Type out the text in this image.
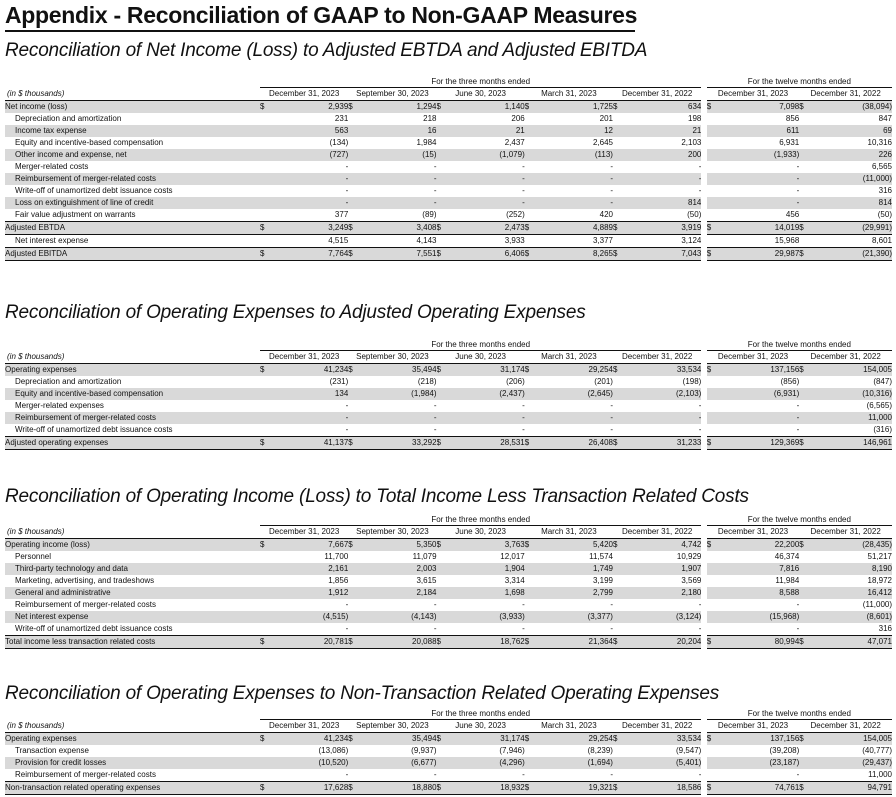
Appendix - Reconciliation of GAAP to Non-GAAP Measures
Reconciliation of Net Income (Loss) to Adjusted EBTDA and Adjusted EBITDA
	For the three months ended											For the twelve months ended			
(in $ thousands)	December 31, 2023		September 30, 2023		June 30, 2023		March 31, 2023		December 31, 2022			December 31, 2023		December 31, 2022	
Net income (loss)	$	2,939	$	1,294	$	1,140	$	1,725	$	634		$	7,098	$	(38,094)
Depreciation and amortization		231		218		206		201		198			856		847
Income tax expense		563		16		21		12		21			611		69
Equity and incentive-based compensation		(134)		1,984		2,437		2,645		2,103			6,931		10,316
Other income and expense, net		(727)		(15)		(1,079)		(113)		200			(1,933)		226
Merger-related costs		-		-		-		-		-			-		6,565
Reimbursement of merger-related costs		-		-		-		-		-			-		(11,000)
Write-off of unamortized debt issuance costs		-		-		-		-		-			-		316
Loss on extinguishment of line of credit		-		-		-		-		814			-		814
Fair value adjustment on warrants		377		(89)		(252)		420		(50)			456		(50)
Adjusted EBTDA	$	3,249	$	3,408	$	2,473	$	4,889	$	3,919		$	14,019	$	(29,991)
Net interest expense		4,515		4,143		3,933		3,377		3,124			15,968		8,601
Adjusted EBITDA	$	7,764	$	7,551	$	6,406	$	8,265	$	7,043		$	29,987	$	(21,390)
Reconciliation of Operating Expenses to Adjusted Operating Expenses
	For the three months ended											For the twelve months ended			
(in $ thousands)	December 31, 2023		September 30, 2023		June 30, 2023		March 31, 2023		December 31, 2022			December 31, 2023		December 31, 2022	
Operating expenses	$	41,234	$	35,494	$	31,174	$	29,254	$	33,534		$	137,156	$	154,005
Depreciation and amortization		(231)		(218)		(206)		(201)		(198)			(856)		(847)
Equity and incentive-based compensation		134		(1,984)		(2,437)		(2,645)		(2,103)			(6,931)		(10,316)
Merger-related expenses		-		-		-		-		-			-		(6,565)
Reimbursement of merger-related costs		-		-		-		-		-			-		11,000
Write-off of unamortized debt issuance costs		-		-		-		-		-			-		(316)
Adjusted operating expenses	$	41,137	$	33,292	$	28,531	$	26,408	$	31,233		$	129,369	$	146,961
Reconciliation of Operating Income (Loss) to Total Income Less Transaction Related Costs
	For the three months ended											For the twelve months ended			
(in $ thousands)	December 31, 2023		September 30, 2023		June 30, 2023		March 31, 2023		December 31, 2022			December 31, 2023		December 31, 2022	
Operating income (loss)	$	7,667	$	5,350	$	3,763	$	5,420	$	4,742		$	22,200	$	(28,435)
Personnel		11,700		11,079		12,017		11,574		10,929			46,374		51,217
Third-party technology and data		2,161		2,003		1,904		1,749		1,907			7,816		8,190
Marketing, advertising, and tradeshows		1,856		3,615		3,314		3,199		3,569			11,984		18,972
General and administrative		1,912		2,184		1,698		2,799		2,180			8,588		16,412
Reimbursement of merger-related costs		-		-		-		-		-			-		(11,000)
Net interest expense		(4,515)		(4,143)		(3,933)		(3,377)		(3,124)			(15,968)		(8,601)
Write-off of unamortized debt issuance costs		-		-		-		-		-			-		316
Total income less transaction related costs	$	20,781	$	20,088	$	18,762	$	21,364	$	20,204		$	80,994	$	47,071
Reconciliation of Operating Expenses to Non-Transaction Related Operating Expenses
	For the three months ended											For the twelve months ended			
(in $ thousands)	December 31, 2023		September 30, 2023		June 30, 2023		March 31, 2023		December 31, 2022			December 31, 2023		December 31, 2022	
Operating expenses	$	41,234	$	35,494	$	31,174	$	29,254	$	33,534		$	137,156	$	154,005
Transaction expense		(13,086)		(9,937)		(7,946)		(8,239)		(9,547)			(39,208)		(40,777)
Provision for credit losses		(10,520)		(6,677)		(4,296)		(1,694)		(5,401)			(23,187)		(29,437)
Reimbursement of merger-related costs		-		-		-		-		-			-		11,000
Non-transaction related operating expenses	$	17,628	$	18,880	$	18,932	$	19,321	$	18,586		$	74,761	$	94,791
